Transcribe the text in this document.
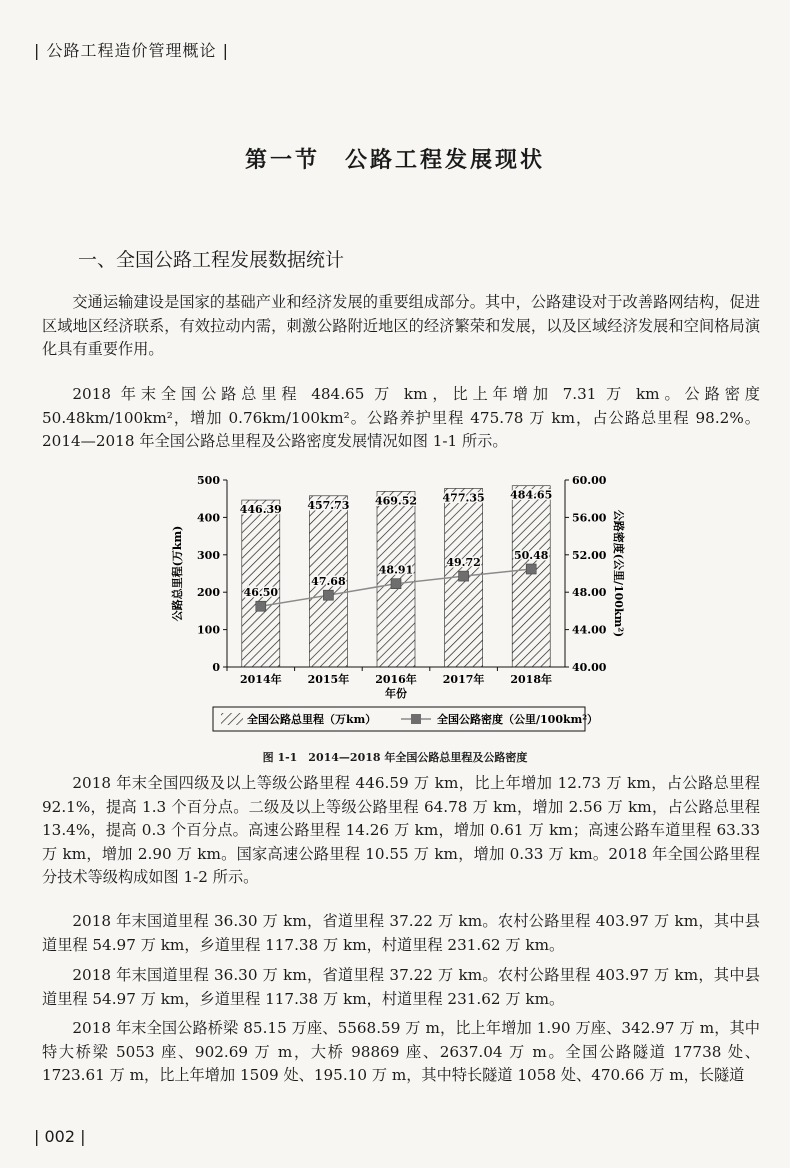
| 公路工程造价管理概论 |
第一节　公路工程发展现状
一、全国公路工程发展数据统计

交通运输建设是国家的基础产业和经济发展的重要组成部分。其中，公路建设对于改善路网结构，促进区域地区经济联系，有效拉动内需，刺激公路附近地区的经济繁荣和发展，以及区域经济发展和空间格局演化具有重要作用。

2018 年末全国公路总里程 484.65 万 km，比上年增加 7.31 万 km。公路密度 50.48km/100km²，增加 0.76km/100km²。公路养护里程 475.78 万 km，占公路总里程 98.2%。2014—2018 年全国公路总里程及公路密度发展情况如图 1-1 所示。

0
100
200
300
400
500
40.00
44.00
48.00
52.00
56.00
60.00
公路总里程(万km)	公路密度(公里/100km²)
年份
2014年 2015年 2016年 2017年 2018年
446.39 457.73 469.52 477.35 484.65
46.50
47.68
48.91
49.72
50.48
全国公路总里程（万km）	全国公路密度（公里/100km²）
图 1-1　2014—2018 年全国公路总里程及公路密度

2018 年末全国四级及以上等级公路里程 446.59 万 km，比上年增加 12.73 万 km，占公路总里程 92.1%，提高 1.3 个百分点。二级及以上等级公路里程 64.78 万 km，增加 2.56 万 km，占公路总里程 13.4%，提高 0.3 个百分点。高速公路里程 14.26 万 km，增加 0.61 万 km；高速公路车道里程 63.33 万 km，增加 2.90 万 km。国家高速公路里程 10.55 万 km，增加 0.33 万 km。2018 年全国公路里程分技术等级构成如图 1-2 所示。

2018 年末国道里程 36.30 万 km，省道里程 37.22 万 km。农村公路里程 403.97 万 km，其中县道里程 54.97 万 km，乡道里程 117.38 万 km，村道里程 231.62 万 km。

2018 年末国道里程 36.30 万 km，省道里程 37.22 万 km。农村公路里程 403.97 万 km，其中县道里程 54.97 万 km，乡道里程 117.38 万 km，村道里程 231.62 万 km。

2018 年末全国公路桥梁 85.15 万座、5568.59 万 m，比上年增加 1.90 万座、342.97 万 m，其中特大桥梁 5053 座、902.69 万 m，大桥 98869 座、2637.04 万 m。全国公路隧道 17738 处、1723.61 万 m，比上年增加 1509 处、195.10 万 m，其中特长隧道 1058 处、470.66 万 m，长隧道

| 002 |
